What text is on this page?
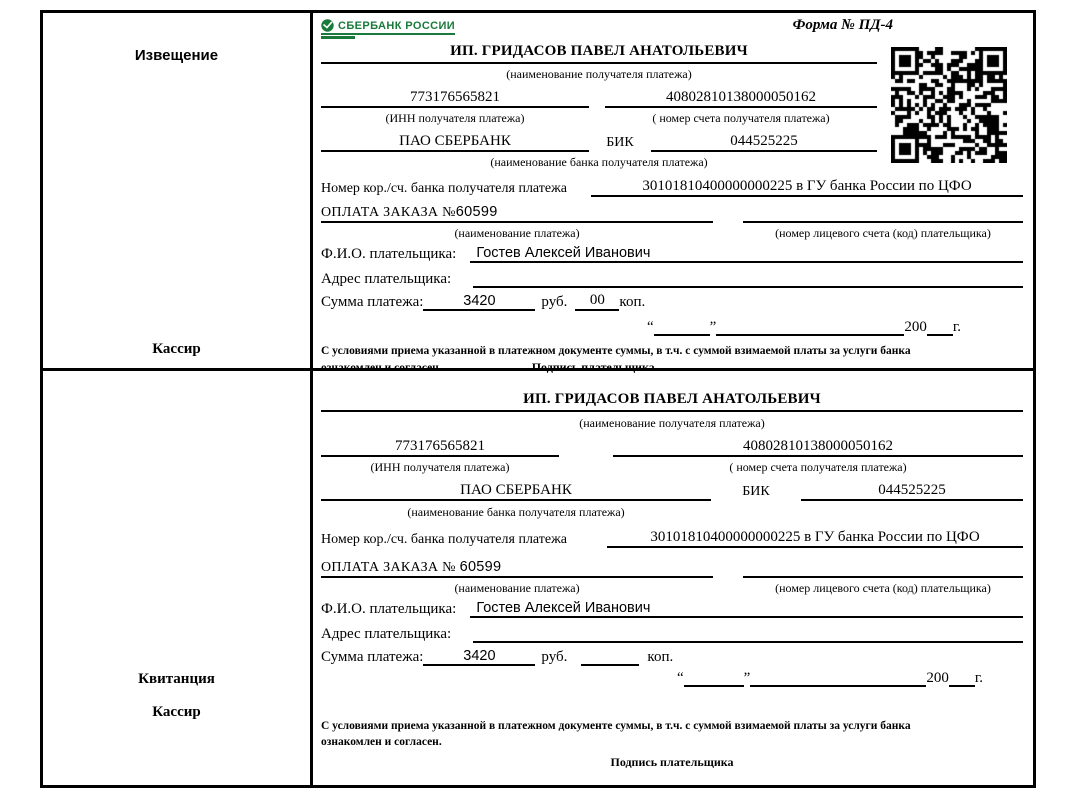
Извещение
Кассир
СБЕРБАНК РОССИИ	Форма № ПД-4
ИП. ГРИДАСОВ ПАВЕЛ АНАТОЛЬЕВИЧ
(наименование получателя платежа)
773176565821	40802810138000050162
(ИНН получателя платежа)	( номер счета получателя платежа)
ПАО СБЕРБАНК	БИК	044525225
(наименование банка получателя платежа)
Номер кор./сч. банка получателя платежа	30101810400000000225 в ГУ банка России по ЦФО
ОПЛАТА ЗАКАЗА №60599
(наименование платежа)	(номер лицевого счета (код) плательщика)
Ф.И.О. плательщика:	Гостев Алексей Иванович
Адрес плательщика:
Сумма платежа:	3420	руб.	00 коп.
“	”	200 г.
С условиями приема указанной в платежном документе суммы, в т.ч. с суммой взимаемой платы за услуги банка
ознакомлен и согласен.	Подпись плательщика
Квитанция
Кассир
ИП. ГРИДАСОВ ПАВЕЛ АНАТОЛЬЕВИЧ
(наименование получателя платежа)
773176565821	40802810138000050162
(ИНН получателя платежа)	( номер счета получателя платежа)
ПАО СБЕРБАНК	БИК	044525225
(наименование банка получателя платежа)
Номер кор./сч. банка получателя платежа	30101810400000000225 в ГУ банка России по ЦФО
ОПЛАТА ЗАКАЗА № 60599
(наименование платежа)	(номер лицевого счета (код) плательщика)
Ф.И.О. плательщика:	Гостев Алексей Иванович
Адрес плательщика:
Сумма платежа:	3420	руб.	коп.
“	”	200 г.
С условиями приема указанной в платежном документе суммы, в т.ч. с суммой взимаемой платы за услуги банка
ознакомлен и согласен.
Подпись плательщика
